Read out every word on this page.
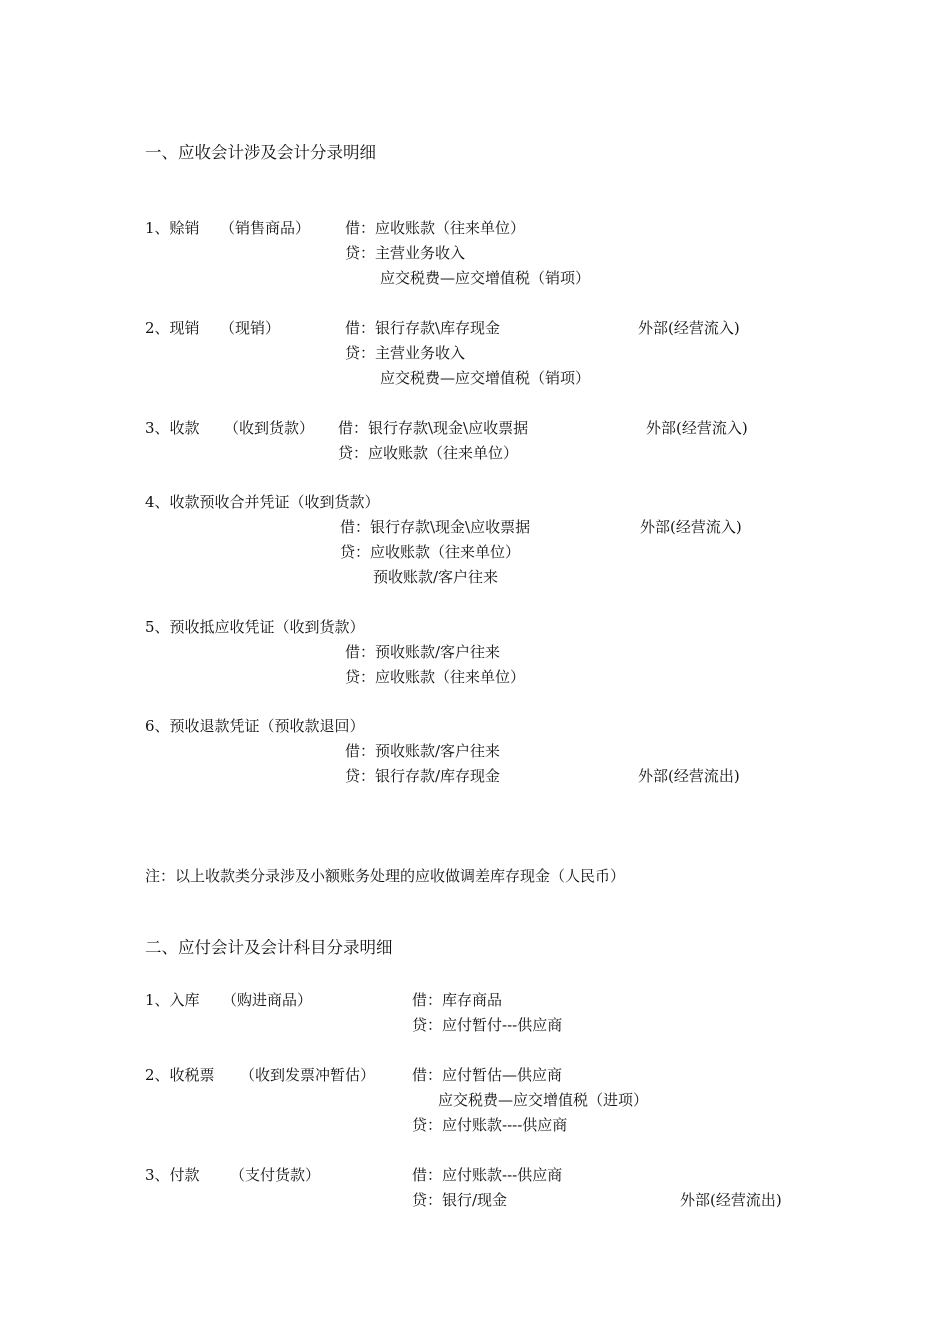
一、应收会计涉及会计分录明细
1、赊销 （销售商品） 借：应收账款（往来单位）
贷：主营业务收入
应交税费—应交增值税（销项）
2、现销 （现销）	借：银行存款\库存现金	外部(经营流入)
贷：主营业务收入
应交税费—应交增值税（销项）
3、收款 （收到货款） 借：银行存款\现金\应收票据	外部(经营流入)
贷：应收账款（往来单位）
4、收款预收合并凭证（收到货款）
借：银行存款\现金\应收票据	外部(经营流入)
贷：应收账款（往来单位）
预收账款/客户往来
5、预收抵应收凭证（收到货款）
借：预收账款/客户往来
贷：应收账款（往来单位）
6、预收退款凭证（预收款退回）
借：预收账款/客户往来
贷：银行存款/库存现金	外部(经营流出)
注：以上收款类分录涉及小额账务处理的应收做调差库存现金（人民币）
二、应付会计及会计科目分录明细
1、入库 （购进商品）	借：库存商品
贷：应付暂付---供应商
2、收税票 （收到发票冲暂估） 借：应付暂估—供应商
应交税费—应交增值税（进项）
贷：应付账款----供应商
3、付款 （支付货款）	借：应付账款---供应商
贷：银行/现金	外部(经营流出)
